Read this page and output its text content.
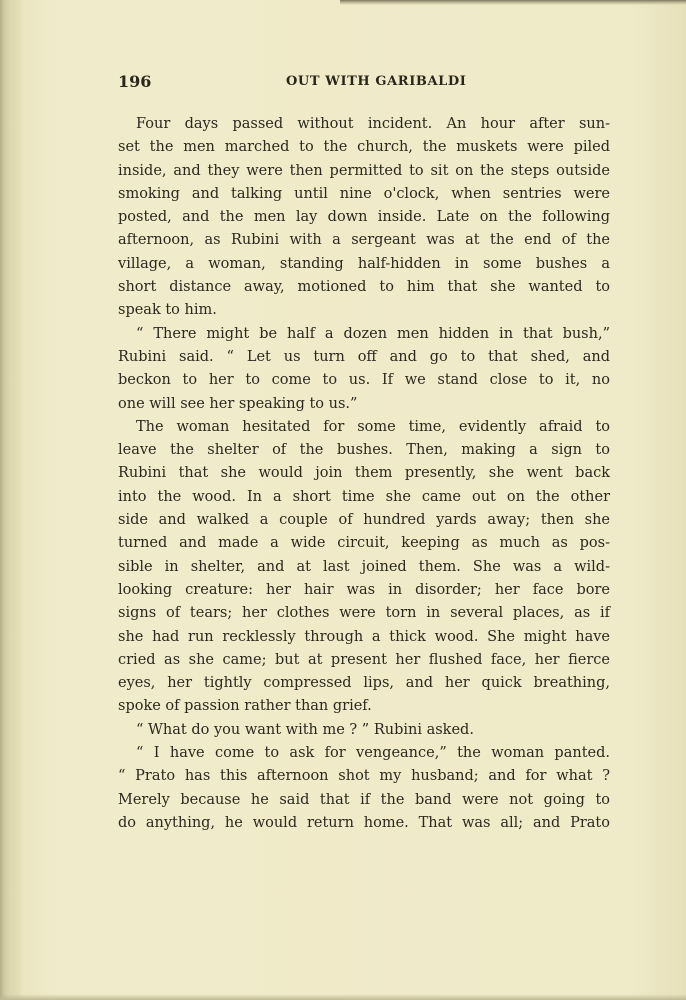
196	OUT WITH GARIBALDI
Four days passed without incident. An hour after sun-
set the men marched to the church, the muskets were piled
inside, and they were then permitted to sit on the steps outside
smoking and talking until nine o'clock, when sentries were
posted, and the men lay down inside. Late on the following
afternoon, as Rubini with a sergeant was at the end of the
village, a woman, standing half-hidden in some bushes a
short distance away, motioned to him that she wanted to
speak to him.
“ There might be half a dozen men hidden in that bush,”
Rubini said. “ Let us turn off and go to that shed, and
beckon to her to come to us. If we stand close to it, no
one will see her speaking to us.”
The woman hesitated for some time, evidently afraid to
leave the shelter of the bushes. Then, making a sign to
Rubini that she would join them presently, she went back
into the wood. In a short time she came out on the other
side and walked a couple of hundred yards away; then she
turned and made a wide circuit, keeping as much as pos-
sible in shelter, and at last joined them. She was a wild-
looking creature: her hair was in disorder; her face bore
signs of tears; her clothes were torn in several places, as if
she had run recklessly through a thick wood. She might have
cried as she came; but at present her flushed face, her fierce
eyes, her tightly compressed lips, and her quick breathing,
spoke of passion rather than grief.
“ What do you want with me ? ” Rubini asked.
“ I have come to ask for vengeance,” the woman panted.
“ Prato has this afternoon shot my husband; and for what ?
Merely because he said that if the band were not going to
do anything, he would return home. That was all; and Prato
